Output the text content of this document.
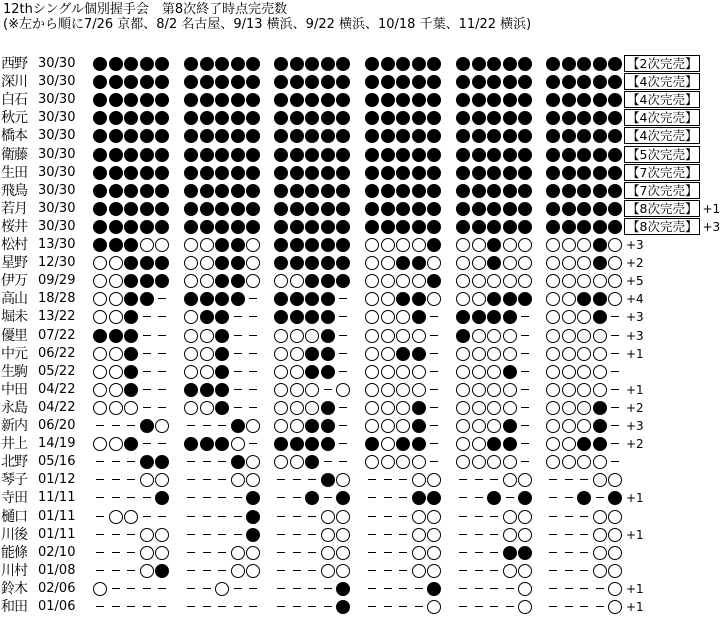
12thシングル個別握手会　第8次終了時点完売数
(※左から順に7/26 京都、8/2 名古屋、9/13 横浜、9/22 横浜、10/18 千葉、11/22 横浜)
西野 30/30	【2次完売】
深川 30/30	【4次完売】
白石 30/30	【4次完売】
秋元 30/30	【4次完売】
橋本 30/30	【4次完売】
衛藤 30/30	【5次完売】
生田 30/30	【7次完売】
飛鳥 30/30	【7次完売】
若月 30/30	【8次完売】 +1
桜井 30/30	【8次完売】 +3
松村 13/30	+3
星野 12/30	+2
伊万 09/29	+5
高山 18/28	+4
堀未 13/22	+3
優里 07/22	+3
中元 06/22	+1
生駒 05/22
中田 04/22	+1
永島 04/22	+2
新内 06/20	+3
井上 14/19	+2
北野 05/16
琴子 01/12
寺田 11/11	+1
樋口 01/11
川後 01/11	+1
能條 02/10
川村 01/08
鈴木 02/06	+1
和田 01/06	+1
